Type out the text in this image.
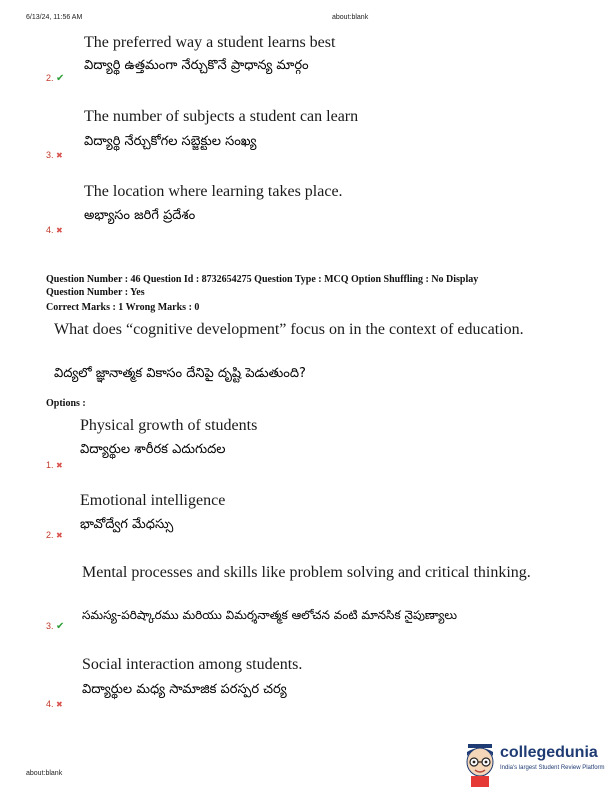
6/13/24, 11:56 AM	about:blank
The preferred way a student learns best
విద్యార్థి ఉత్తమంగా నేర్చుకొనే ప్రాధాన్య మార్గం
2. ✔
The number of subjects a student can learn
విద్యార్థి నేర్చుకోగల సబ్జెక్టుల సంఖ్య
3. ✖
The location where learning takes place.
అభ్యాసం జరిగే ప్రదేశం
4. ✖
Question Number : 46 Question Id : 8732654275 Question Type : MCQ Option Shuffling : No Display
Question Number : Yes
Correct Marks : 1 Wrong Marks : 0
What does “cognitive development” focus on in the context of education.
విద్యలో జ్ఞానాత్మక వికాసం దేనిపై దృష్టి పెడుతుంది?
Options :
Physical growth of students
విద్యార్థుల శారీరక ఎదుగుదల
1. ✖
Emotional intelligence
భావోద్వేగ మేధస్సు
2. ✖
Mental processes and skills like problem solving and critical thinking.
సమస్య-పరిష్కారము మరియు విమర్శనాత్మక ఆలోచన వంటి మానసిక నైపుణ్యాలు
3. ✔
Social interaction among students.
విద్యార్థుల మధ్య సామాజిక పరస్పర చర్య
4. ✖
about:blank
collegedunia
India's largest Student Review Platform
